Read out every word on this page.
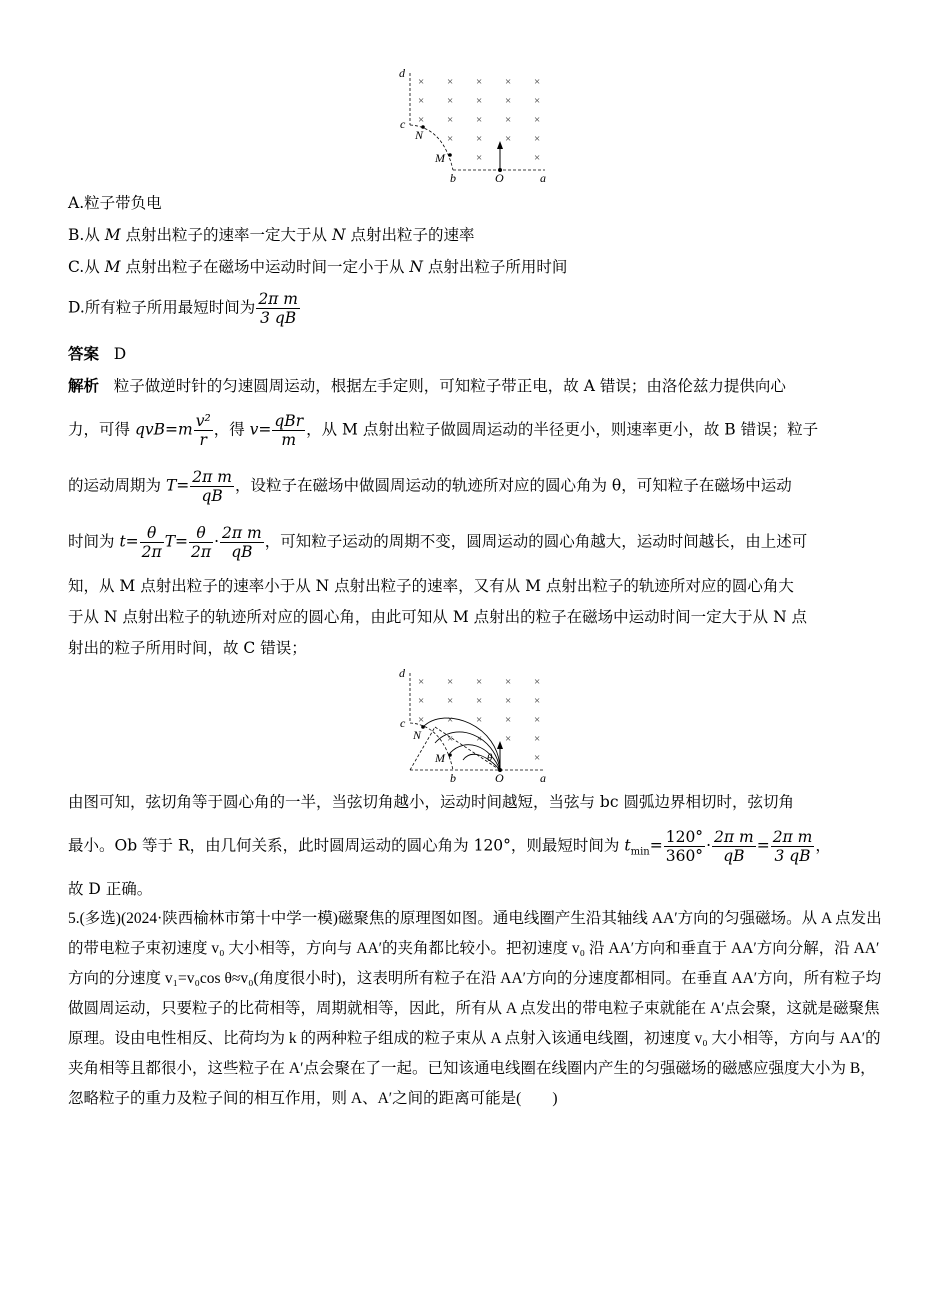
× × × × ×
× × × × ×
× × × × ×
× × × ×
×	×
d
c
N
M
b	O	a
A.粒子带负电
B.从 M 点射出粒子的速率一定大于从 N 点射出粒子的速率
C.从 M 点射出粒子在磁场中运动时间一定小于从 N 点射出粒子所用时间
D.所有粒子所用最短时间为 $\frac{\text{2π m}}{3 qB}$
答案 D
解析 粒子做逆时针的匀速圆周运动，根据左手定则，可知粒子带正电，故 A 错误；由洛伦兹力提供向心
力，可得 $qvB=m \frac{\text{v²}}{r}$ ，得 $v= \frac{\text{qBr}}{m}$ ，从 M 点射出粒子做圆周运动的半径更小，则速率更小，故 B 错误；粒子
的运动周期为 $T= \frac{\text{2π m}}{qB}$ ，设粒子在磁场中做圆周运动的轨迹所对应的圆心角为 θ，可知粒子在磁场中运动
时间为 $t= \frac{\theta}{2\pi} T= \frac{\theta}{2\pi} \cdot \frac{\text{2π m}}{qB}$ ，可知粒子运动的周期不变，圆周运动的圆心角越大，运动时间越长，由上述可
知，从 M 点射出粒子的速率小于从 N 点射出粒子的速率，又有从 M 点射出粒子的轨迹所对应的圆心角大
于从 N 点射出粒子的轨迹所对应的圆心角，由此可知从 M 点射出的粒子在磁场中运动时间一定大于从 N 点
射出的粒子所用时间，故 C 错误；
× × × × ×
× × × × ×
× × × × ×
× × × ×
×
d
c
N
M	θ
b	O	a
由图可知，弦切角等于圆心角的一半，当弦切角越小，运动时间越短，当弦与 bc 圆弧边界相切时，弦切角
最小。Ob 等于 R，由几何关系，此时圆周运动的圆心角为 120°，则最短时间为 $t_{min}= \frac{120^\circ}{360^\circ} \cdot \frac{\text{2π m}}{qB} = \frac{\text{2π m}}{3 qB}$ ，
故 D 正确。
5.(多选)(2024·陕西榆林市第十中学一模)磁聚焦的原理图如图。通电线圈产生沿其轴线 AA′方向的匀强磁场。从 A 点发出的带电粒子束初速度 v₀ 大小相等，方向与 AA′的夹角都比较小。把初速度 v₀ 沿 AA′方向和垂直于 AA′方向分解，沿 AA′方向的分速度 v₁=v₀cos θ≈v₀(角度很小时)，这表明所有粒子在沿 AA′方向的分速度都相同。在垂直 AA′方向，所有粒子均做圆周运动，只要粒子的比荷相等，周期就相等，因此，所有从 A 点发出的带电粒子束就能在 A′点会聚，这就是磁聚焦原理。设由电性相反、比荷均为 k 的两种粒子组成的粒子束从 A 点射入该通电线圈，初速度 v₀ 大小相等，方向与 AA′的夹角相等且都很小，这些粒子在 A′点会聚在了一起。已知该通电线圈在线圈内产生的匀强磁场的磁感应强度大小为 B，忽略粒子的重力及粒子间的相互作用，则 A、A′之间的距离可能是(　　)
